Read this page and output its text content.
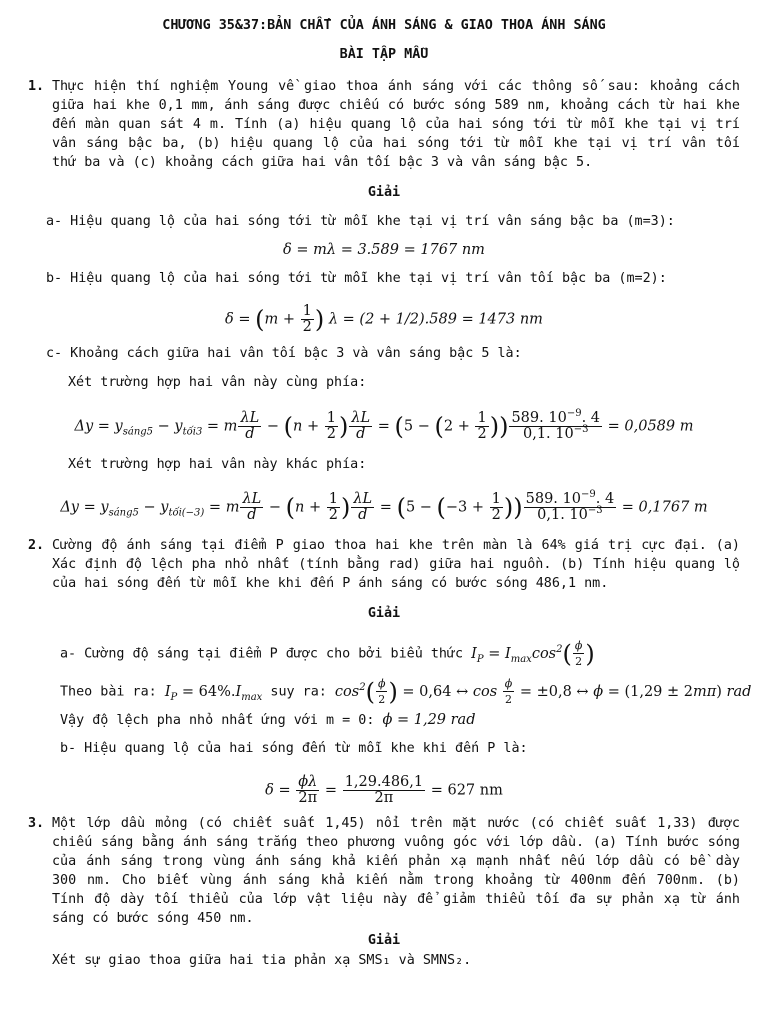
CHƯƠNG 35&37:BẢN CHẤT CỦA ÁNH SÁNG & GIAO THOA ÁNH SÁNG
BÀI TẬP MẪU
1. Thực hiện thí nghiệm Young về giao thoa ánh sáng với các thông số sau: khoảng cách
giữa hai khe 0,1 mm, ánh sáng được chiếu có bước sóng 589 nm, khoảng cách từ hai khe
đến màn quan sát 4 m. Tính (a) hiệu quang lộ của hai sóng tới từ mỗi khe tại vị trí
vân sáng bậc ba, (b) hiệu quang lộ của hai sóng tới từ mỗi khe tại vị trí vân tối
thứ ba và (c) khoảng cách giữa hai vân tối bậc 3 và vân sáng bậc 5.
Giải
a- Hiệu quang lộ của hai sóng tới từ mỗi khe tại vị trí vân sáng bậc ba (m=3):
δ = mλ = 3.589 = 1767 nm
b- Hiệu quang lộ của hai sóng tới từ mỗi khe tại vị trí vân tối bậc ba (m=2):
$\delta = (m + \frac{1}{2}$ ) λ = (2 + 1/2).589 = 1473 nm
c- Khoảng cách giữa hai vân tối bậc 3 và vân sáng bậc 5 là:
Xét trường hợp hai vân này cùng phía:
$\Delta y = y_{sáng5} - y_{tối3} = m \frac{\lambda L}{d} - (n + \frac{1}{2}$ ) $\frac{\lambda L}{d} = (5 - (2 + \frac{1}{2}$ )) $\frac{589. 10^{-9}. 4}{0,1. 10^{-3}} = 0,0589$ m
Xét trường hợp hai vân này khác phía:
$\Delta y = y_{sáng5} - y_{tối(-3)} = m \frac{\lambda L}{d} - (n + \frac{1}{2}$ ) $\frac{\lambda L}{d} = (5 - (-3 + \frac{1}{2}$ )) $\frac{589. 10^{-9}. 4}{0,1. 10^{-3}} = 0,1767$ m
2. Cường độ ánh sáng tại điểm P giao thoa hai khe trên màn là 64% giá trị cực đại. (a)
Xác định độ lệch pha nhỏ nhất (tính bằng rad) giữa hai nguồn. (b) Tính hiệu quang lộ
của hai sóng đến từ mỗi khe khi đến P ánh sáng có bước sóng 486,1 nm.
Giải
a- Cường độ sáng tại điểm P được cho bởi biểu thức $I_P = I_{max}\cos^2( \frac{\phi}{2}$ )
Theo bài ra: $I_P = 64\%.I_{max}$ suy ra: $\cos^2( \frac{\phi}{2}$ ) = 0,64 ↔ $\cos \frac{\phi}{2} = \pm 0,8$ ↔ ϕ = (1,29 ± 2mπ) rad
Vậy độ lệch pha nhỏ nhất ứng với m = 0: ϕ = 1,29 rad
b- Hiệu quang lộ của hai sóng đến từ mỗi khe khi đến P là:
$\delta = \frac{\phi\lambda}{2\pi} = \frac{1,29.486,1}{2\pi} = 627$ nm
3. Một lớp dầu mỏng (có chiết suất 1,45) nổi trên mặt nước (có chiết suất 1,33) được
chiếu sáng bằng ánh sáng trắng theo phương vuông góc với lớp dầu. (a) Tính bước sóng
của ánh sáng trong vùng ánh sáng khả kiến phản xạ mạnh nhất nếu lớp dầu có bề dày
300 nm. Cho biết vùng ánh sáng khả kiến nằm trong khoảng từ 400nm đến 700nm. (b)
Tính độ dày tối thiểu của lớp vật liệu này để giảm thiểu tối đa sự phản xạ từ ánh
sáng có bước sóng 450 nm.
Giải
Xét sự giao thoa giữa hai tia phản xạ SMS₁ và SMNS₂.
